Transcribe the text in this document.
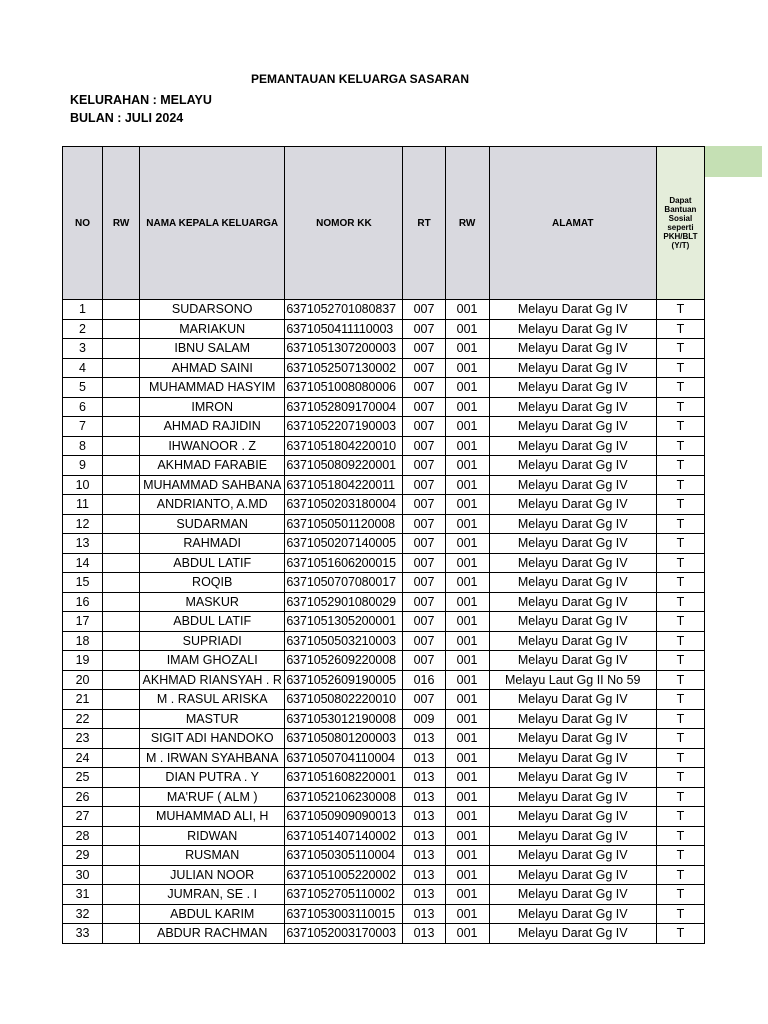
PEMANTAUAN KELUARGA SASARAN
KELURAHAN : MELAYU
BULAN : JULI 2024
NO	RW	NAMA KEPALA KELUARGA	NOMOR KK	RT	RW	ALAMAT	Dapat Bantuan Sosial seperti PKH/BLT (Y/T)
1		SUDARSONO	6371052701080837	007	001	Melayu Darat Gg IV	T
2		MARIAKUN	6371050411110003	007	001	Melayu Darat Gg IV	T
3		IBNU SALAM	6371051307200003	007	001	Melayu Darat Gg IV	T
4		AHMAD SAINI	6371052507130002	007	001	Melayu Darat Gg IV	T
5		MUHAMMAD HASYIM	6371051008080006	007	001	Melayu Darat Gg IV	T
6		IMRON	6371052809170004	007	001	Melayu Darat Gg IV	T
7		AHMAD RAJIDIN	6371052207190003	007	001	Melayu Darat Gg IV	T
8		IHWANOOR . Z	6371051804220010	007	001	Melayu Darat Gg IV	T
9		AKHMAD FARABIE	6371050809220001	007	001	Melayu Darat Gg IV	T
10		MUHAMMAD SAHBANA	6371051804220011	007	001	Melayu Darat Gg IV	T
11		ANDRIANTO, A.MD	6371050203180004	007	001	Melayu Darat Gg IV	T
12		SUDARMAN	6371050501120008	007	001	Melayu Darat Gg IV	T
13		RAHMADI	6371050207140005	007	001	Melayu Darat Gg IV	T
14		ABDUL LATIF	6371051606200015	007	001	Melayu Darat Gg IV	T
15		ROQIB	6371050707080017	007	001	Melayu Darat Gg IV	T
16		MASKUR	6371052901080029	007	001	Melayu Darat Gg IV	T
17		ABDUL LATIF	6371051305200001	007	001	Melayu Darat Gg IV	T
18		SUPRIADI	6371050503210003	007	001	Melayu Darat Gg IV	T
19		IMAM GHOZALI	6371052609220008	007	001	Melayu Darat Gg IV	T
20		AKHMAD RIANSYAH . R	6371052609190005	016	001	Melayu Laut Gg II No 59	T
21		M . RASUL ARISKA	6371050802220010	007	001	Melayu Darat Gg IV	T
22		MASTUR	6371053012190008	009	001	Melayu Darat Gg IV	T
23		SIGIT ADI HANDOKO	6371050801200003	013	001	Melayu Darat Gg IV	T
24		M . IRWAN SYAHBANA	6371050704110004	013	001	Melayu Darat Gg IV	T
25		DIAN PUTRA . Y	6371051608220001	013	001	Melayu Darat Gg IV	T
26		MA'RUF ( ALM )	6371052106230008	013	001	Melayu Darat Gg IV	T
27		MUHAMMAD ALI, H	6371050909090013	013	001	Melayu Darat Gg IV	T
28		RIDWAN	6371051407140002	013	001	Melayu Darat Gg IV	T
29		RUSMAN	6371050305110004	013	001	Melayu Darat Gg IV	T
30		JULIAN NOOR	6371051005220002	013	001	Melayu Darat Gg IV	T
31		JUMRAN, SE . I	6371052705110002	013	001	Melayu Darat Gg IV	T
32		ABDUL KARIM	6371053003110015	013	001	Melayu Darat Gg IV	T
33		ABDUR RACHMAN	6371052003170003	013	001	Melayu Darat Gg IV	T
